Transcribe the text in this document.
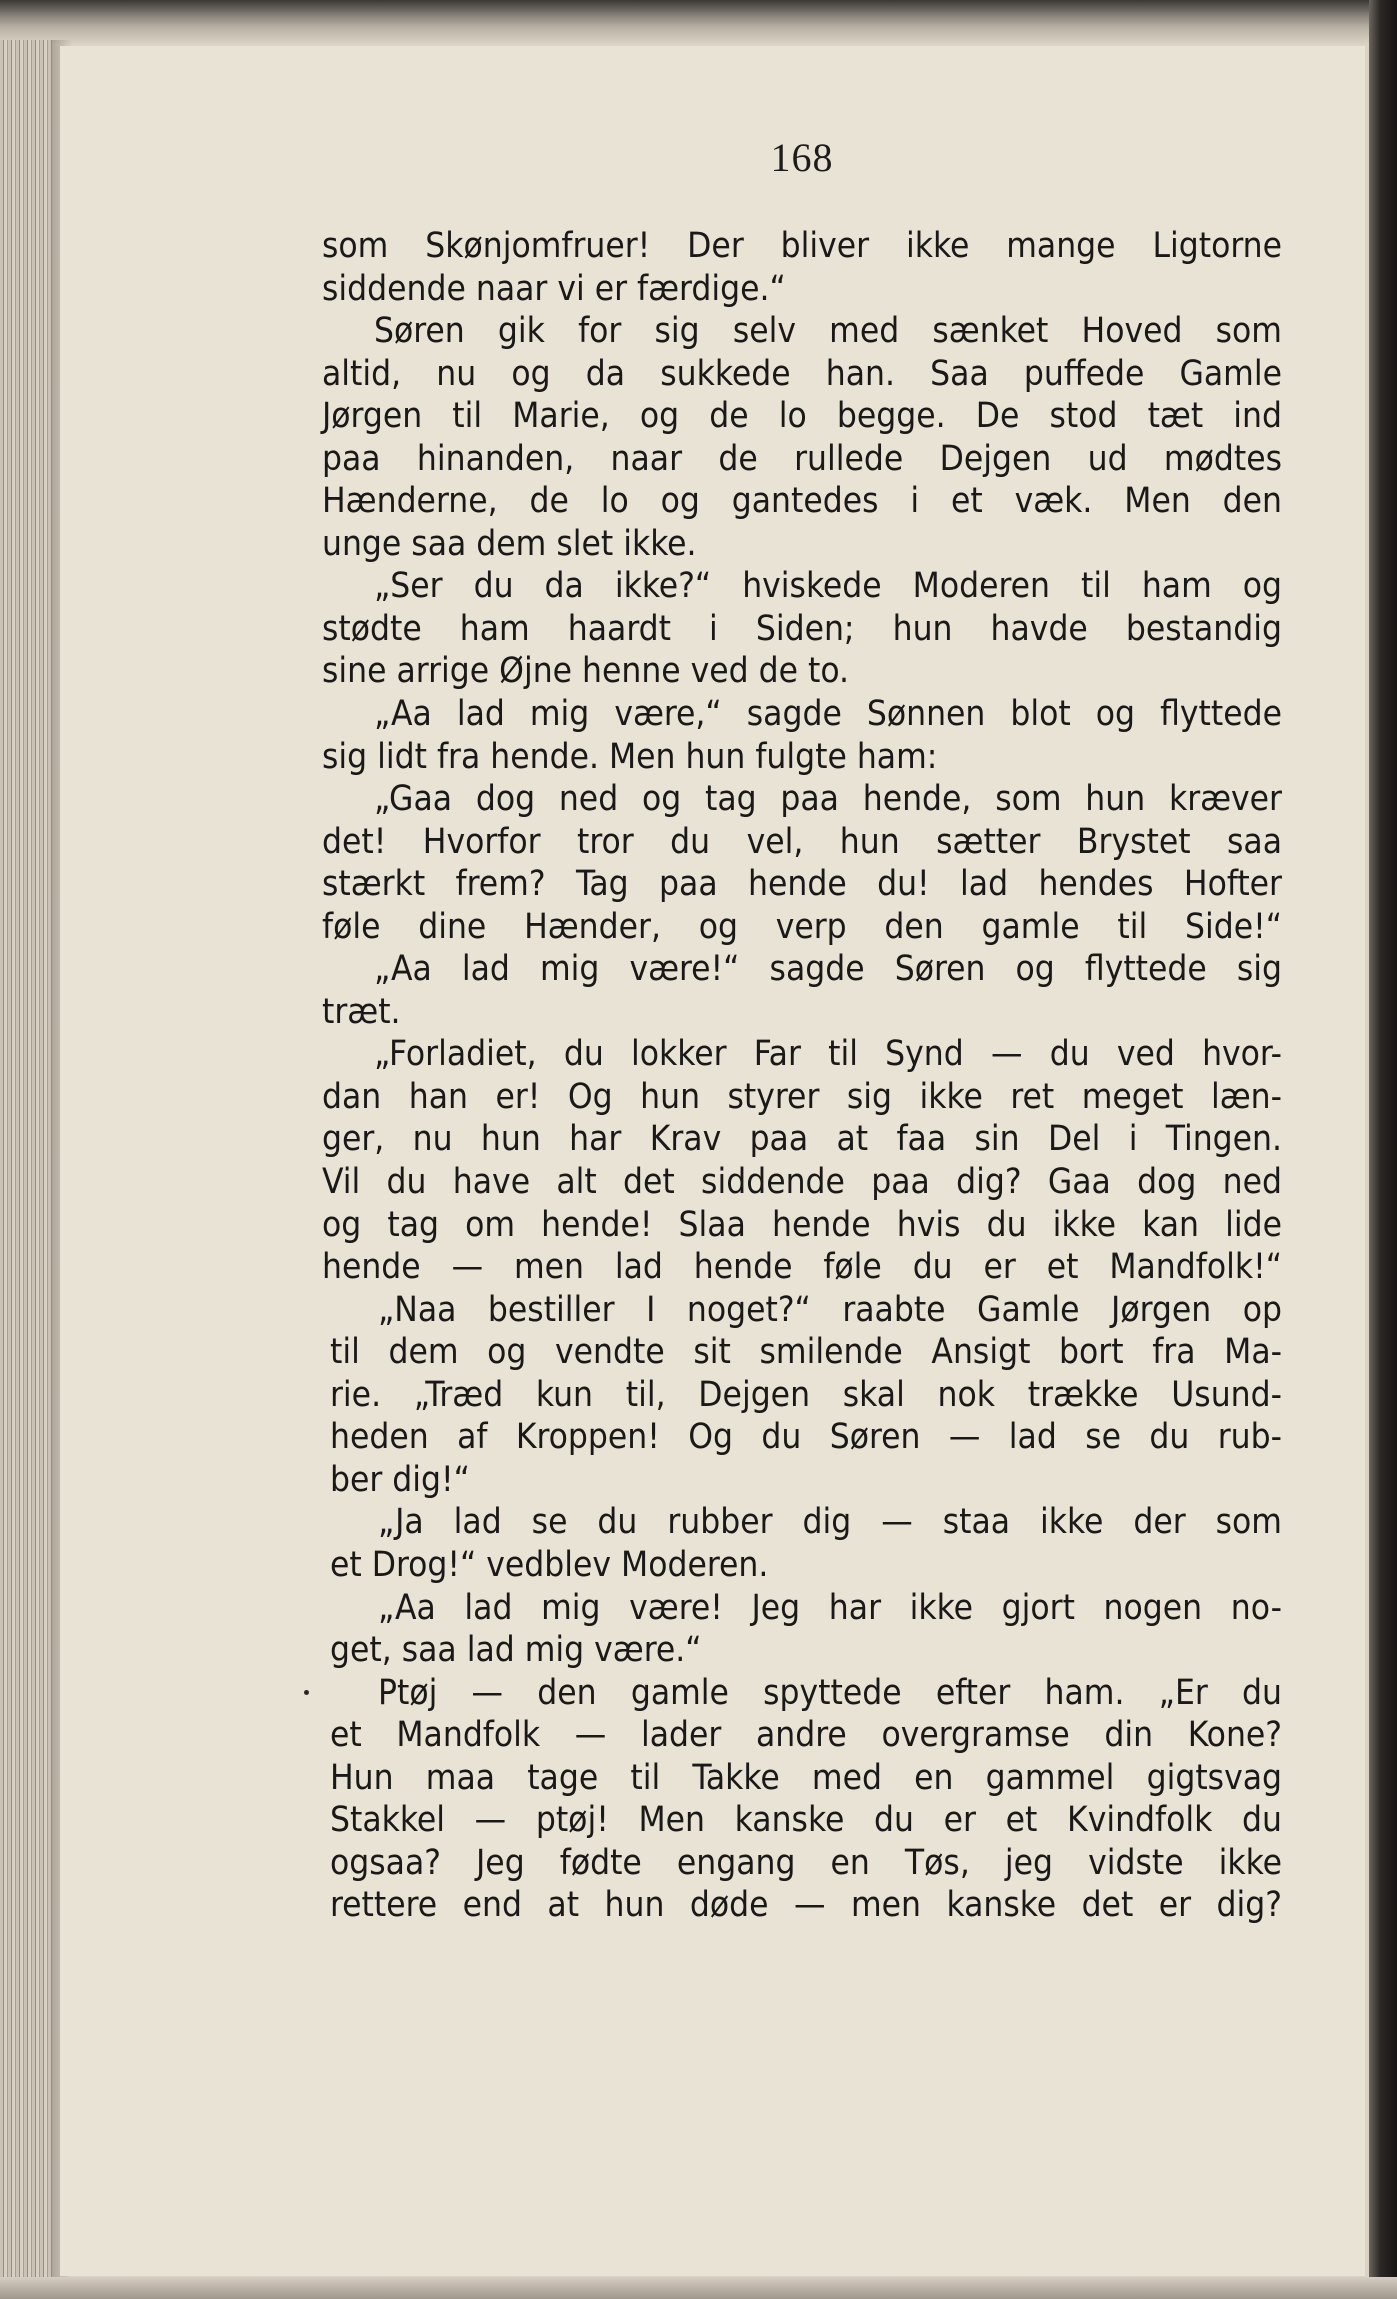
168
som Skønjomfruer! Der bliver ikke mange Ligtorne
siddende naar vi er færdige.“
Søren gik for sig selv med sænket Hoved som
altid, nu og da sukkede han. Saa puffede Gamle
Jørgen til Marie, og de lo begge. De stod tæt ind
paa hinanden, naar de rullede Dejgen ud mødtes
Hænderne, de lo og gantedes i et væk. Men den
unge saa dem slet ikke.
„Ser du da ikke?“ hviskede Moderen til ham og
stødte ham haardt i Siden; hun havde bestandig
sine arrige Øjne henne ved de to.
„Aa lad mig være,“ sagde Sønnen blot og flyttede
sig lidt fra hende. Men hun fulgte ham:
„Gaa dog ned og tag paa hende, som hun kræver
det! Hvorfor tror du vel, hun sætter Brystet saa
stærkt frem? Tag paa hende du! lad hendes Hofter
føle dine Hænder, og verp den gamle til Side!“
„Aa lad mig være!“ sagde Søren og flyttede sig
træt.
„Forladiet, du lokker Far til Synd — du ved hvor-
dan han er! Og hun styrer sig ikke ret meget læn-
ger, nu hun har Krav paa at faa sin Del i Tingen.
Vil du have alt det siddende paa dig? Gaa dog ned
og tag om hende! Slaa hende hvis du ikke kan lide
hende — men lad hende føle du er et Mandfolk!“
„Naa bestiller I noget?“ raabte Gamle Jørgen op
til dem og vendte sit smilende Ansigt bort fra Ma-
rie. „Træd kun til, Dejgen skal nok trække Usund-
heden af Kroppen! Og du Søren — lad se du rub-
ber dig!“
„Ja lad se du rubber dig — staa ikke der som
et Drog!“ vedblev Moderen.
„Aa lad mig være! Jeg har ikke gjort nogen no-
get, saa lad mig være.“
Ptøj — den gamle spyttede efter ham. „Er du
et Mandfolk — lader andre overgramse din Kone?
Hun maa tage til Takke med en gammel gigtsvag
Stakkel — ptøj! Men kanske du er et Kvindfolk du
ogsaa? Jeg fødte engang en Tøs, jeg vidste ikke
rettere end at hun døde — men kanske det er dig?
